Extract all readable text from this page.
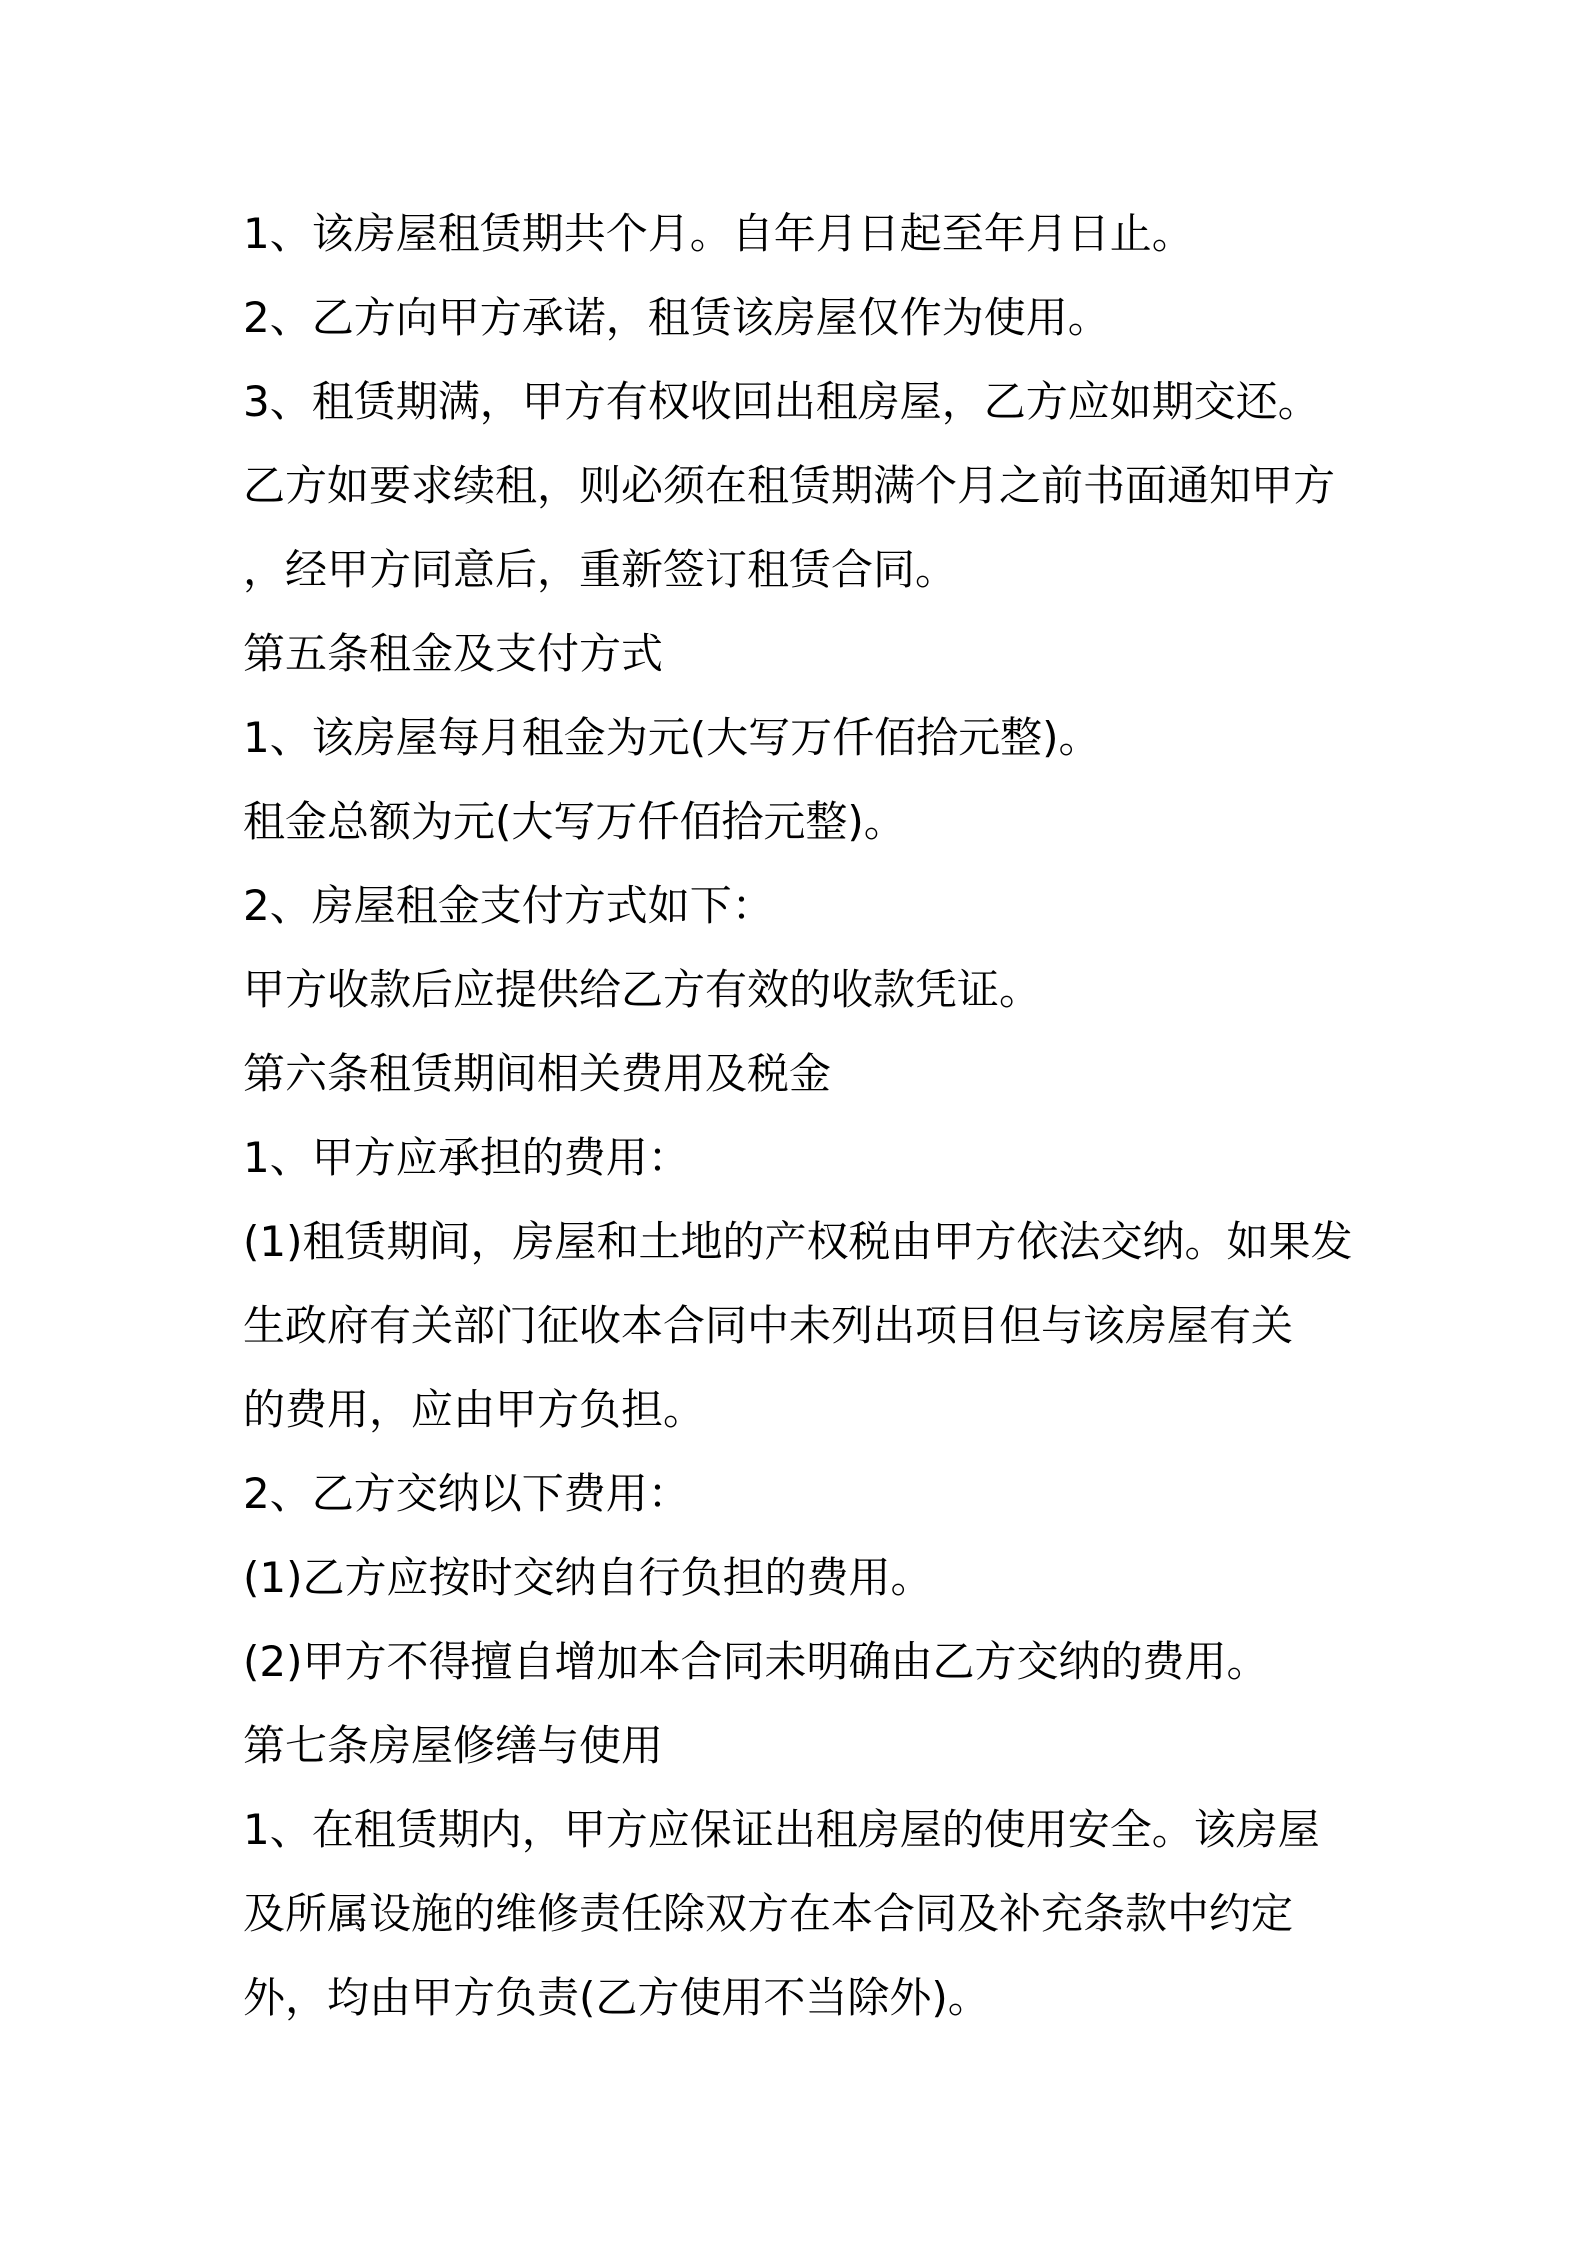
1、该房屋租赁期共个月。自年月日起至年月日止。
2、乙方向甲方承诺，租赁该房屋仅作为使用。
3、租赁期满，甲方有权收回出租房屋，乙方应如期交还。
乙方如要求续租，则必须在租赁期满个月之前书面通知甲方
，经甲方同意后，重新签订租赁合同。
第五条租金及支付方式
1、该房屋每月租金为元(大写万仟佰拾元整)。
租金总额为元(大写万仟佰拾元整)。
2、房屋租金支付方式如下：
甲方收款后应提供给乙方有效的收款凭证。
第六条租赁期间相关费用及税金
1、甲方应承担的费用：
(1)租赁期间，房屋和土地的产权税由甲方依法交纳。如果发
生政府有关部门征收本合同中未列出项目但与该房屋有关
的费用，应由甲方负担。
2、乙方交纳以下费用：
(1)乙方应按时交纳自行负担的费用。
(2)甲方不得擅自增加本合同未明确由乙方交纳的费用。
第七条房屋修缮与使用
1、在租赁期内，甲方应保证出租房屋的使用安全。该房屋
及所属设施的维修责任除双方在本合同及补充条款中约定
外，均由甲方负责(乙方使用不当除外)。
